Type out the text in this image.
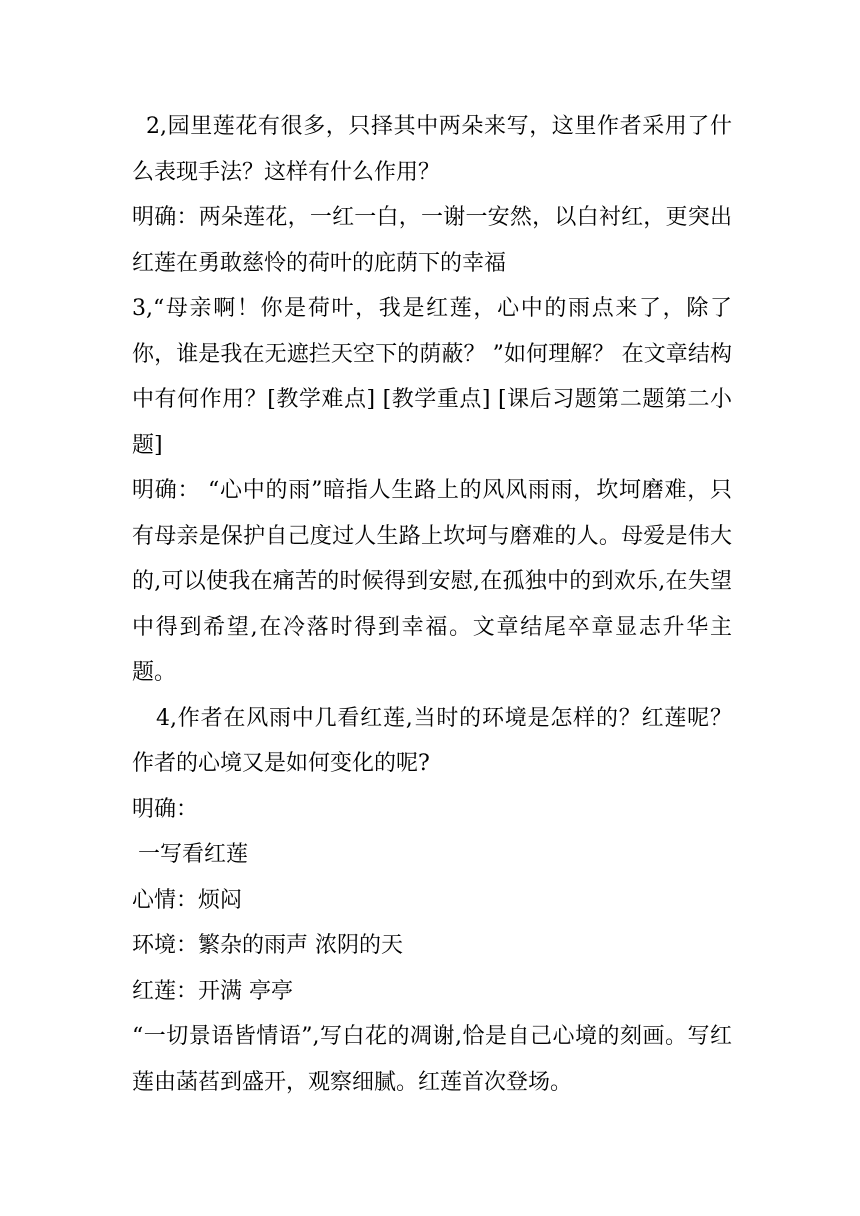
2,园里莲花有很多，只择其中两朵来写，这里作者采用了什么表现手法？这样有什么作用？

明确：两朵莲花，一红一白，一谢一安然，以白衬红，更突出红莲在勇敢慈怜的荷叶的庇荫下的幸福

3,“母亲啊！你是荷叶，我是红莲，心中的雨点来了，除了你，谁是我在无遮拦天空下的荫蔽？ ”如何理解？ 在文章结构中有何作用？[教学难点] [教学重点] [课后习题第二题第二小题]

明确： “心中的雨”暗指人生路上的风风雨雨，坎坷磨难，只有母亲是保护自己度过人生路上坎坷与磨难的人。母爱是伟大的,可以使我在痛苦的时候得到安慰,在孤独中的到欢乐,在失望中得到希望,在冷落时得到幸福。文章结尾卒章显志升华主题。

4,作者在风雨中几看红莲,当时的环境是怎样的？红莲呢？作者的心境又是如何变化的呢?

明确：

一写看红莲

心情：烦闷

环境：繁杂的雨声 浓阴的天

红莲：开满 亭亭

“一切景语皆情语”,写白花的凋谢,恰是自己心境的刻画。写红莲由菡萏到盛开，观察细腻。红莲首次登场。
